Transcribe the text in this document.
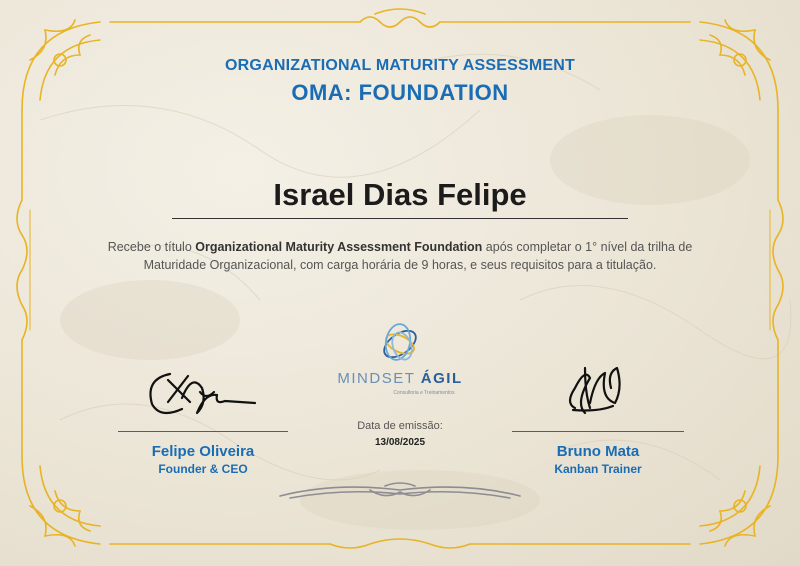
ORGANIZATIONAL MATURITY ASSESSMENT
OMA: FOUNDATION
Israel Dias Felipe
Recebe o título Organizational Maturity Assessment Foundation após completar o 1° nível da trilha de
Maturidade Organizacional, com carga horária de 9 horas, e seus requisitos para a titulação.
MINDSET ÁGIL
Consultoria e Treinamentos
Data de emissão:
13/08/2025
Felipe Oliveira
Founder & CEO
Bruno Mata
Kanban Trainer
